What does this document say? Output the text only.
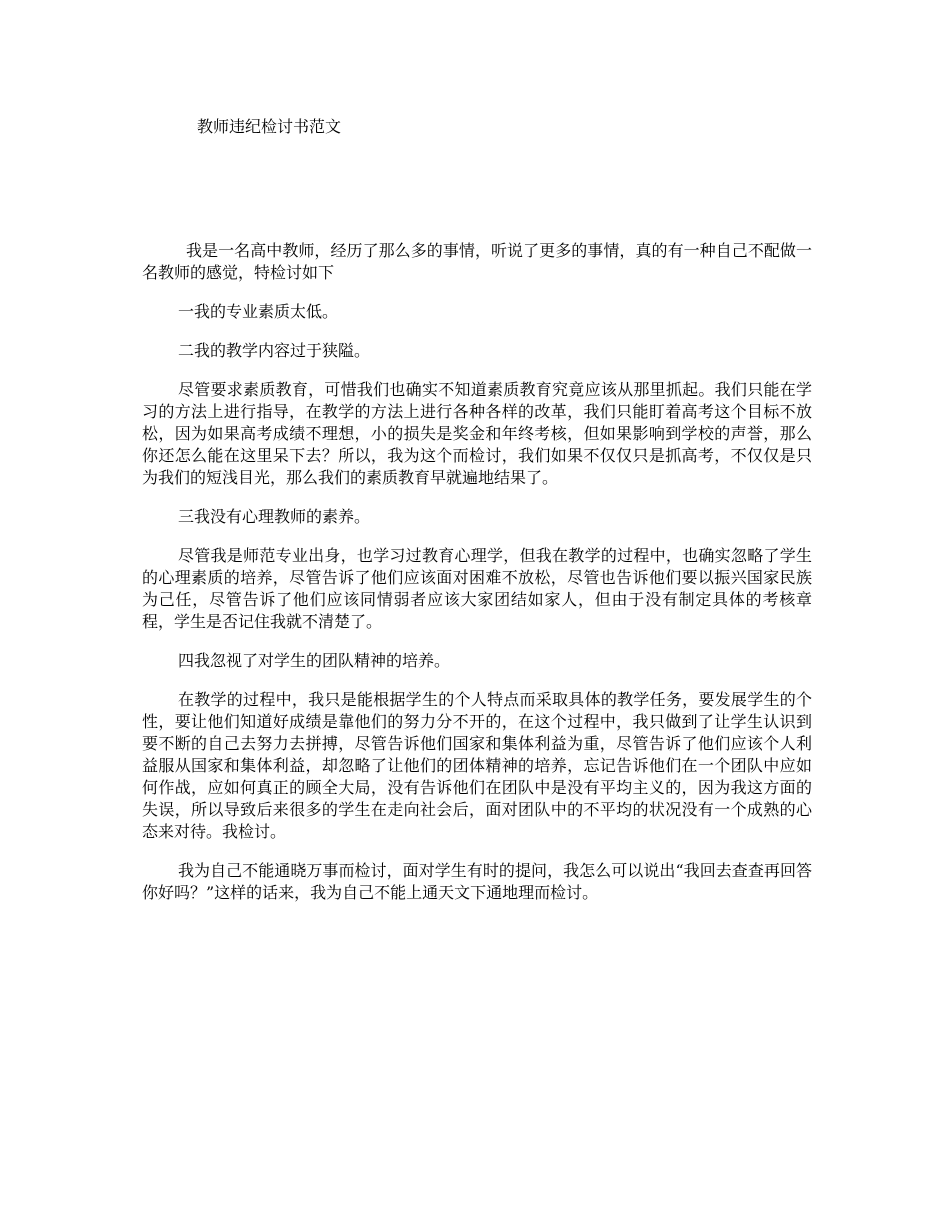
教师违纪检讨书范文

我是一名高中教师，经历了那么多的事情，听说了更多的事情，真的有一种自己不配做一名教师的感觉，特检讨如下

一我的专业素质太低。

二我的教学内容过于狭隘。

尽管要求素质教育，可惜我们也确实不知道素质教育究竟应该从那里抓起。我们只能在学习的方法上进行指导，在教学的方法上进行各种各样的改革，我们只能盯着高考这个目标不放松，因为如果高考成绩不理想，小的损失是奖金和年终考核，但如果影响到学校的声誉，那么你还怎么能在这里呆下去？所以，我为这个而检讨，我们如果不仅仅只是抓高考，不仅仅是只为我们的短浅目光，那么我们的素质教育早就遍地结果了。

三我没有心理教师的素养。

尽管我是师范专业出身，也学习过教育心理学，但我在教学的过程中，也确实忽略了学生的心理素质的培养，尽管告诉了他们应该面对困难不放松，尽管也告诉他们要以振兴国家民族为己任，尽管告诉了他们应该同情弱者应该大家团结如家人，但由于没有制定具体的考核章程，学生是否记住我就不清楚了。

四我忽视了对学生的团队精神的培养。

在教学的过程中，我只是能根据学生的个人特点而采取具体的教学任务，要发展学生的个性，要让他们知道好成绩是靠他们的努力分不开的，在这个过程中，我只做到了让学生认识到要不断的自己去努力去拼搏，尽管告诉他们国家和集体利益为重，尽管告诉了他们应该个人利益服从国家和集体利益，却忽略了让他们的团体精神的培养，忘记告诉他们在一个团队中应如何作战，应如何真正的顾全大局，没有告诉他们在团队中是没有平均主义的，因为我这方面的失误，所以导致后来很多的学生在走向社会后，面对团队中的不平均的状况没有一个成熟的心态来对待。我检讨。

我为自己不能通晓万事而检讨，面对学生有时的提问，我怎么可以说出“我回去查查再回答你好吗？”这样的话来，我为自己不能上通天文下通地理而检讨。
